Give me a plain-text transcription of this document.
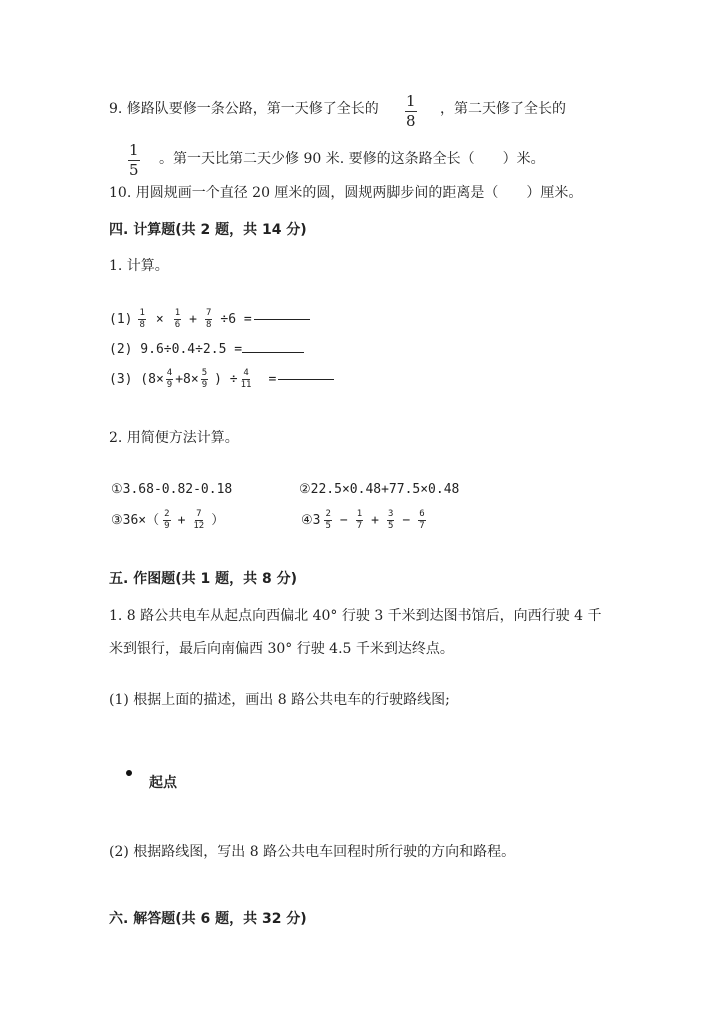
9. 修路队要修一条公路，第一天修了全长的 $\frac{1}{8}$ ，第二天修了全长的
$\frac{1}{5}$ 。第一天比第二天少修 90 米. 要修的这条路全长（　　）米。
10. 用圆规画一个直径 20 厘米的圆，圆规两脚步间的距离是（　　）厘米。
四. 计算题(共 2 题，共 14 分)
1. 计算。
$(1) \frac{1}{8} \times \frac{1}{6} + \frac{7}{8} \div 6$ =
(2) 9.6÷0.4÷2.5 =
(3) ($8\times \frac{4}{9} +8\times \frac{5}{9}$ ) ÷ $\frac{4}{11}$ =
2. 用简便方法计算。
①3.68-0.82-0.18	②22.5×0.48+77.5×0.48
③36×（ $\frac{2}{9} + \frac{7}{12}$ ）	④3 $\frac{2}{5} - \frac{1}{7} + \frac{3}{5} - \frac{6}{7}$
五. 作图题(共 1 题，共 8 分)
1. 8 路公共电车从起点向西偏北 40° 行驶 3 千米到达图书馆后，向西行驶 4 千
米到银行，最后向南偏西 30° 行驶 4.5 千米到达终点。
(1) 根据上面的描述，画出 8 路公共电车的行驶路线图;
起点
(2) 根据路线图，写出 8 路公共电车回程时所行驶的方向和路程。
六. 解答题(共 6 题，共 32 分)
